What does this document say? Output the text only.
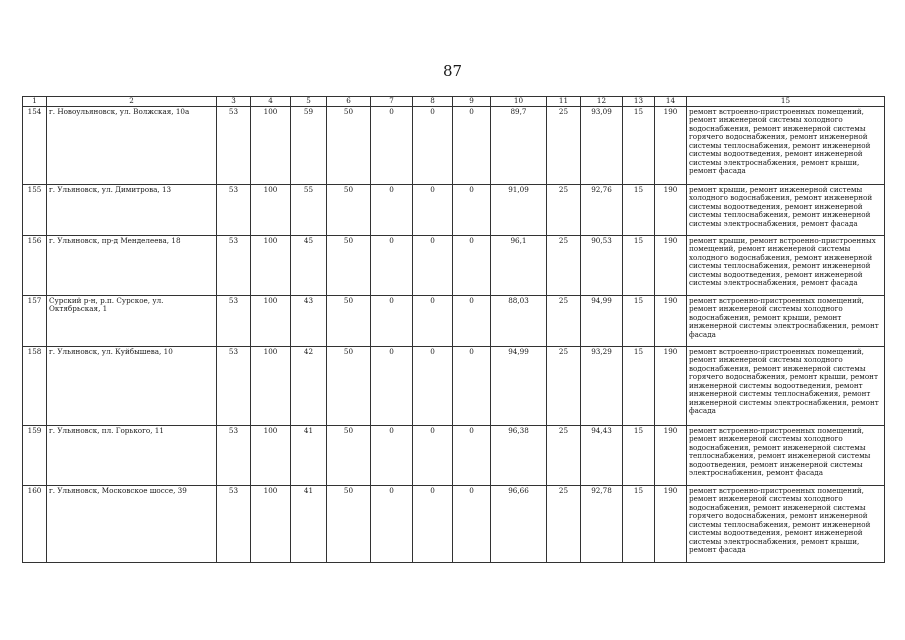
87
1	2	3	4	5	6	7	8	9	10	11	12	13	14	15
154	г. Новоульяновск, ул. Волжская, 10а	53	100	59	50	0	0	0	89,7	25	93,09	15	190	ремонт встроенно-пристроенных помещений, ремонт инженерной системы холодного водоснабжения, ремонт инженерной системы горячего водоснабжения, ремонт инженерной системы теплоснабжения, ремонт инженерной системы водоотведения, ремонт инженерной системы электроснабжения, ремонт крыши, ремонт фасада
155	г. Ульяновск, ул. Димитрова, 13	53	100	55	50	0	0	0	91,09	25	92,76	15	190	ремонт крыши, ремонт инженерной системы холодного водоснабжения, ремонт инженерной системы водоотведения, ремонт инженерной системы теплоснабжения, ремонт инженерной системы электроснабжения, ремонт фасада
156	г. Ульяновск, пр-д Менделеева, 18	53	100	45	50	0	0	0	96,1	25	90,53	15	190	ремонт крыши, ремонт встроенно-пристроенных помещений, ремонт инженерной системы холодного водоснабжения, ремонт инженерной системы теплоснабжения, ремонт инженерной системы водоотведения, ремонт инженерной системы электроснабжения, ремонт фасада
157	Сурский р-н, р.п. Сурское, ул. Октябрьская, 1	53	100	43	50	0	0	0	88,03	25	94,99	15	190	ремонт встроенно-пристроенных помещений, ремонт инженерной системы холодного водоснабжения, ремонт крыши, ремонт инженерной системы электроснабжения, ремонт фасада
158	г. Ульяновск, ул. Куйбышева, 10	53	100	42	50	0	0	0	94,99	25	93,29	15	190	ремонт встроенно-пристроенных помещений, ремонт инженерной системы холодного водоснабжения, ремонт инженерной системы горячего водоснабжения, ремонт крыши, ремонт инженерной системы водоотведения, ремонт инженерной системы теплоснабжения, ремонт инженерной системы электроснабжения, ремонт фасада
159	г. Ульяновск, пл. Горького, 11	53	100	41	50	0	0	0	96,38	25	94,43	15	190	ремонт встроенно-пристроенных помещений, ремонт инженерной системы холодного водоснабжения, ремонт инженерной системы теплоснабжения, ремонт инженерной системы водоотведения, ремонт инженерной системы электроснабжения, ремонт фасада
160	г. Ульяновск, Московское шоссе, 39	53	100	41	50	0	0	0	96,66	25	92,78	15	190	ремонт встроенно-пристроенных помещений, ремонт инженерной системы холодного водоснабжения, ремонт инженерной системы горячего водоснабжения, ремонт инженерной системы теплоснабжения, ремонт инженерной системы водоотведения, ремонт инженерной системы электроснабжения, ремонт крыши, ремонт фасада
